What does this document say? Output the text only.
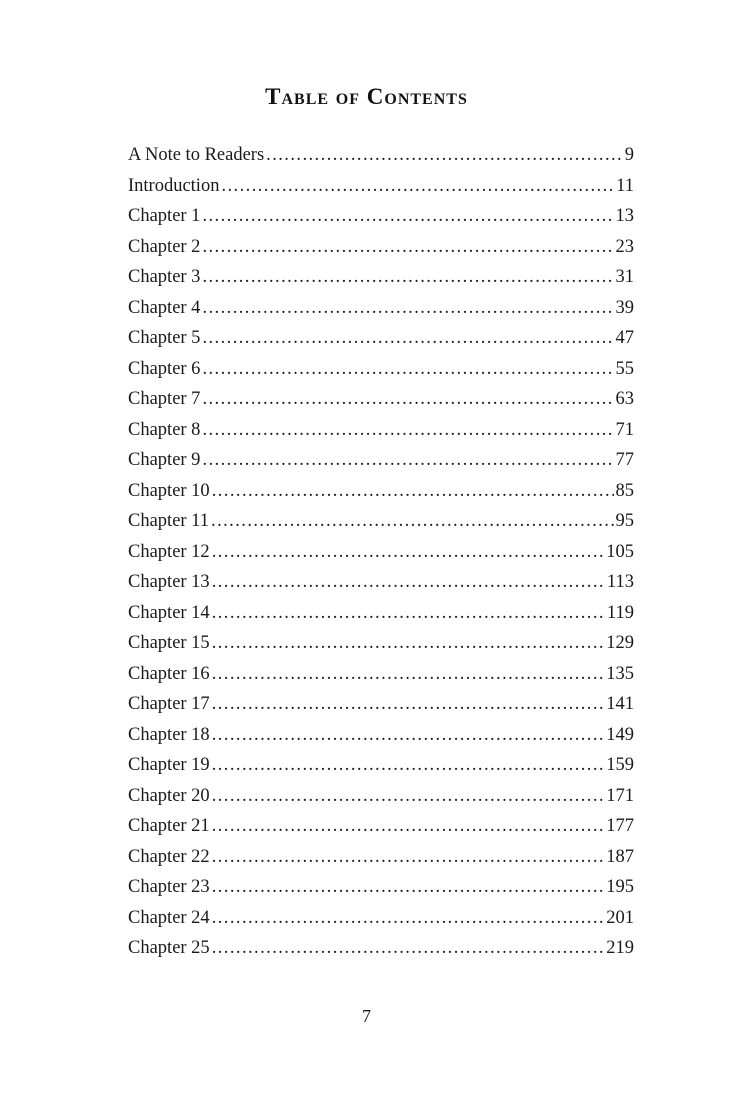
Table of Contents
A Note to Readers . . .	9
Introduction . . .	11
Chapter 1 . . .	13
Chapter 2 . . .	23
Chapter 3 . . .	31
Chapter 4 . . .	39
Chapter 5 . . .	47
Chapter 6 . . .	55
Chapter 7 . . .	63
Chapter 8 . . .	71
Chapter 9 . . .	77
Chapter 10 . . .	85
Chapter 11 . . .	95
Chapter 12 . . .	105
Chapter 13 . . .	113
Chapter 14 . . .	119
Chapter 15 . . .	129
Chapter 16 . . .	135
Chapter 17 . . .	141
Chapter 18 . . .	149
Chapter 19 . . .	159
Chapter 20 . . .	171
Chapter 21 . . .	177
Chapter 22 . . .	187
Chapter 23 . . .	195
Chapter 24 . . .	201
Chapter 25 . . .	219
7
